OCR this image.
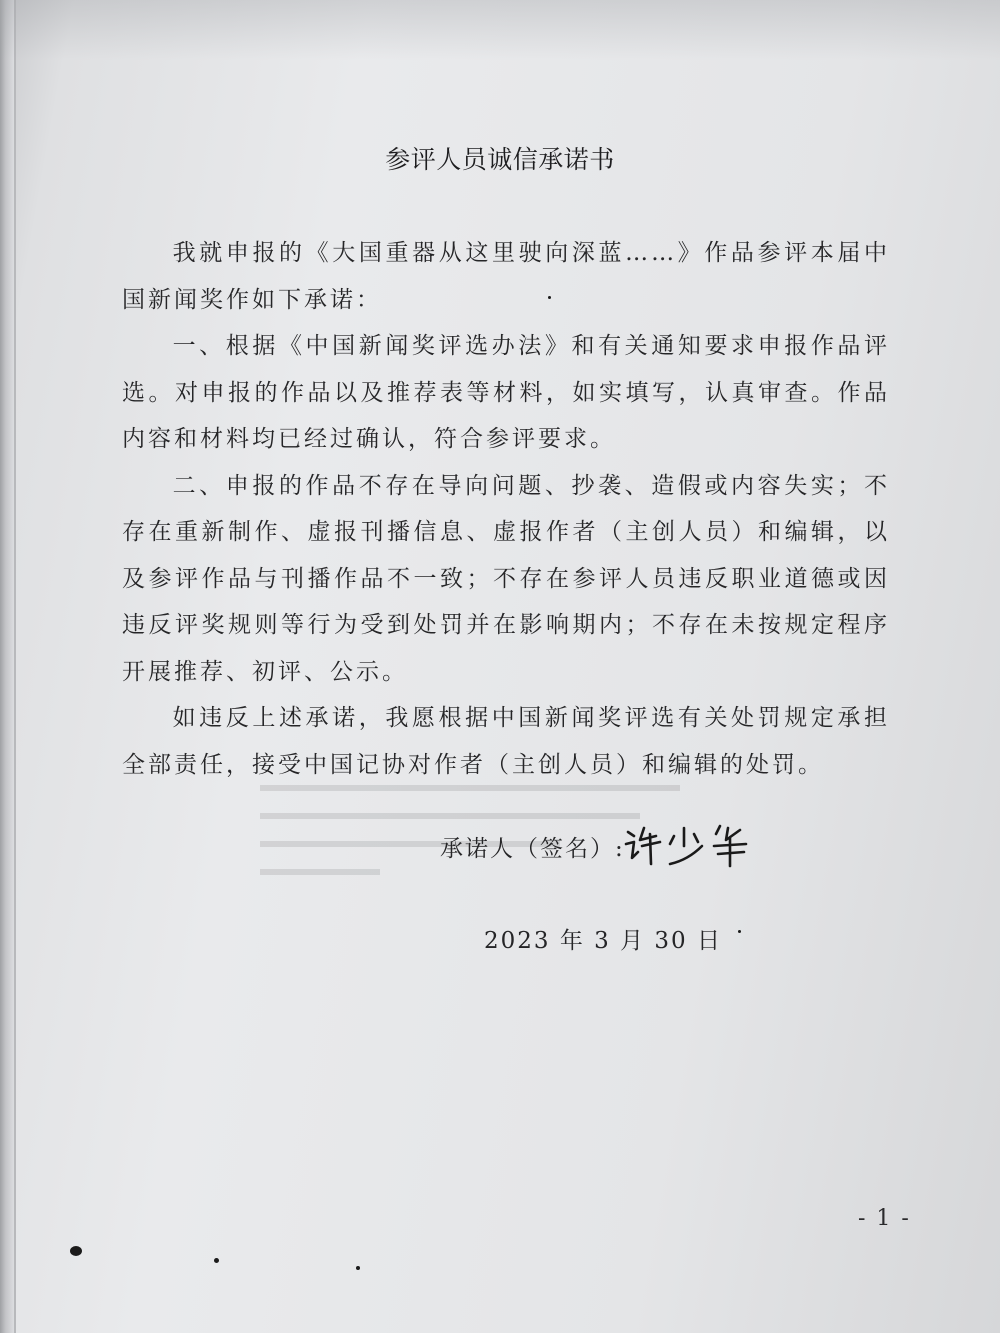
参评人员诚信承诺书

我就申报的《大国重器从这里驶向深蓝……》作品参评本届中国新闻奖作如下承诺：

一、根据《中国新闻奖评选办法》和有关通知要求申报作品评选。对申报的作品以及推荐表等材料，如实填写，认真审查。作品内容和材料均已经过确认，符合参评要求。

二、申报的作品不存在导向问题、抄袭、造假或内容失实；不存在重新制作、虚报刊播信息、虚报作者（主创人员）和编辑，以及参评作品与刊播作品不一致；不存在参评人员违反职业道德或因违反评奖规则等行为受到处罚并在影响期内；不存在未按规定程序开展推荐、初评、公示。

如违反上述承诺，我愿根据中国新闻奖评选有关处罚规定承担全部责任，接受中国记协对作者（主创人员）和编辑的处罚。

承诺人（签名）:
2023 年 3 月 30 日
- 1 -
